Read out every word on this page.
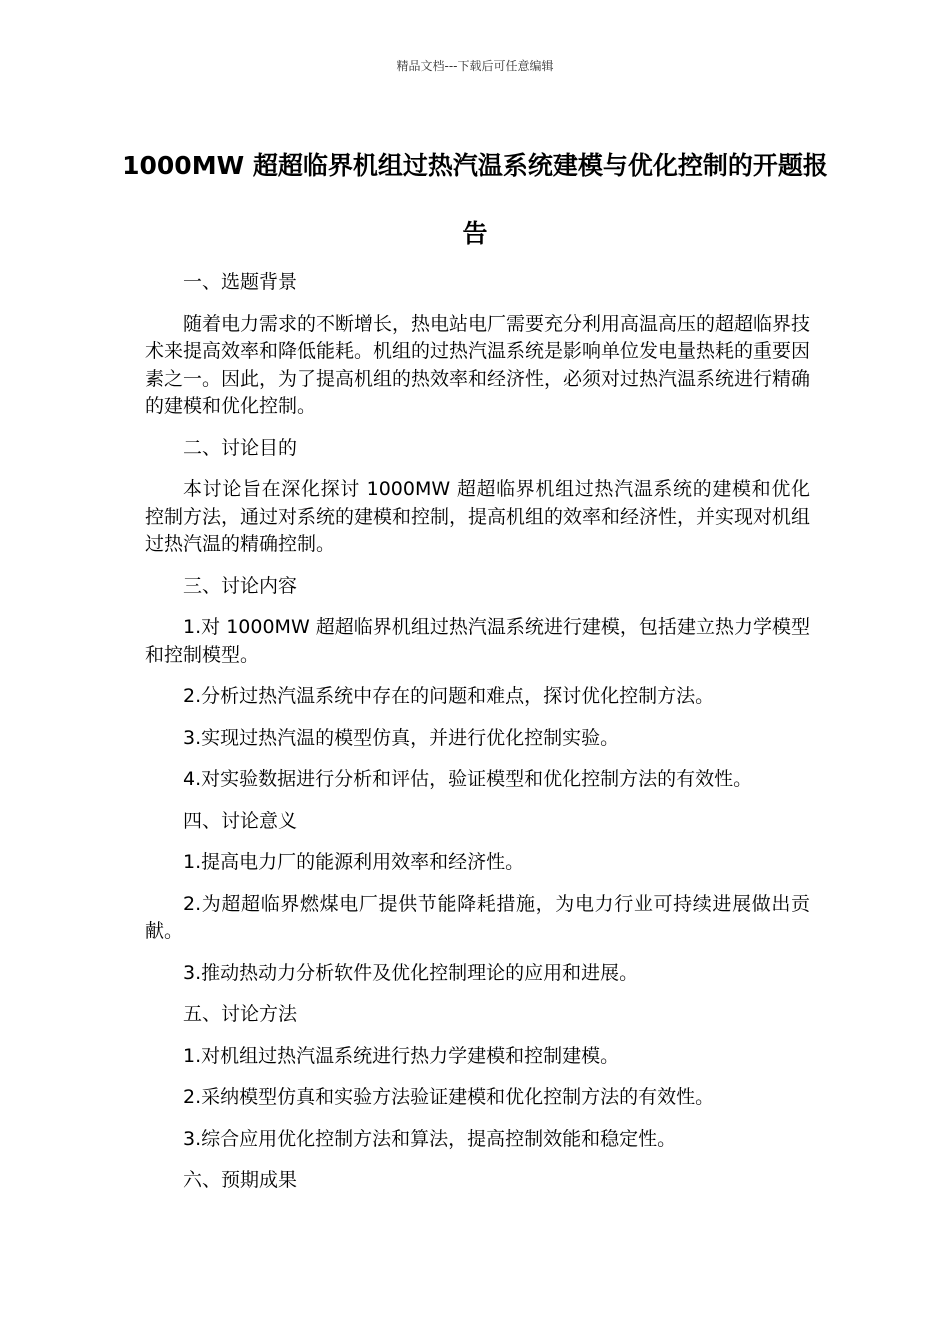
精品文档---下载后可任意编辑
1000MW 超超临界机组过热汽温系统建模与优化控制的开题报告

一、选题背景

随着电力需求的不断增长，热电站电厂需要充分利用高温高压的超超临界技术来提高效率和降低能耗。机组的过热汽温系统是影响单位发电量热耗的重要因素之一。因此，为了提高机组的热效率和经济性，必须对过热汽温系统进行精确的建模和优化控制。

二、讨论目的

本讨论旨在深化探讨 1000MW 超超临界机组过热汽温系统的建模和优化控制方法，通过对系统的建模和控制，提高机组的效率和经济性，并实现对机组过热汽温的精确控制。

三、讨论内容

1.对 1000MW 超超临界机组过热汽温系统进行建模，包括建立热力学模型和控制模型。

2.分析过热汽温系统中存在的问题和难点，探讨优化控制方法。

3.实现过热汽温的模型仿真，并进行优化控制实验。

4.对实验数据进行分析和评估，验证模型和优化控制方法的有效性。

四、讨论意义

1.提高电力厂的能源利用效率和经济性。

2.为超超临界燃煤电厂提供节能降耗措施，为电力行业可持续进展做出贡献。

3.推动热动力分析软件及优化控制理论的应用和进展。

五、讨论方法

1.对机组过热汽温系统进行热力学建模和控制建模。

2.采纳模型仿真和实验方法验证建模和优化控制方法的有效性。

3.综合应用优化控制方法和算法，提高控制效能和稳定性。

六、预期成果
